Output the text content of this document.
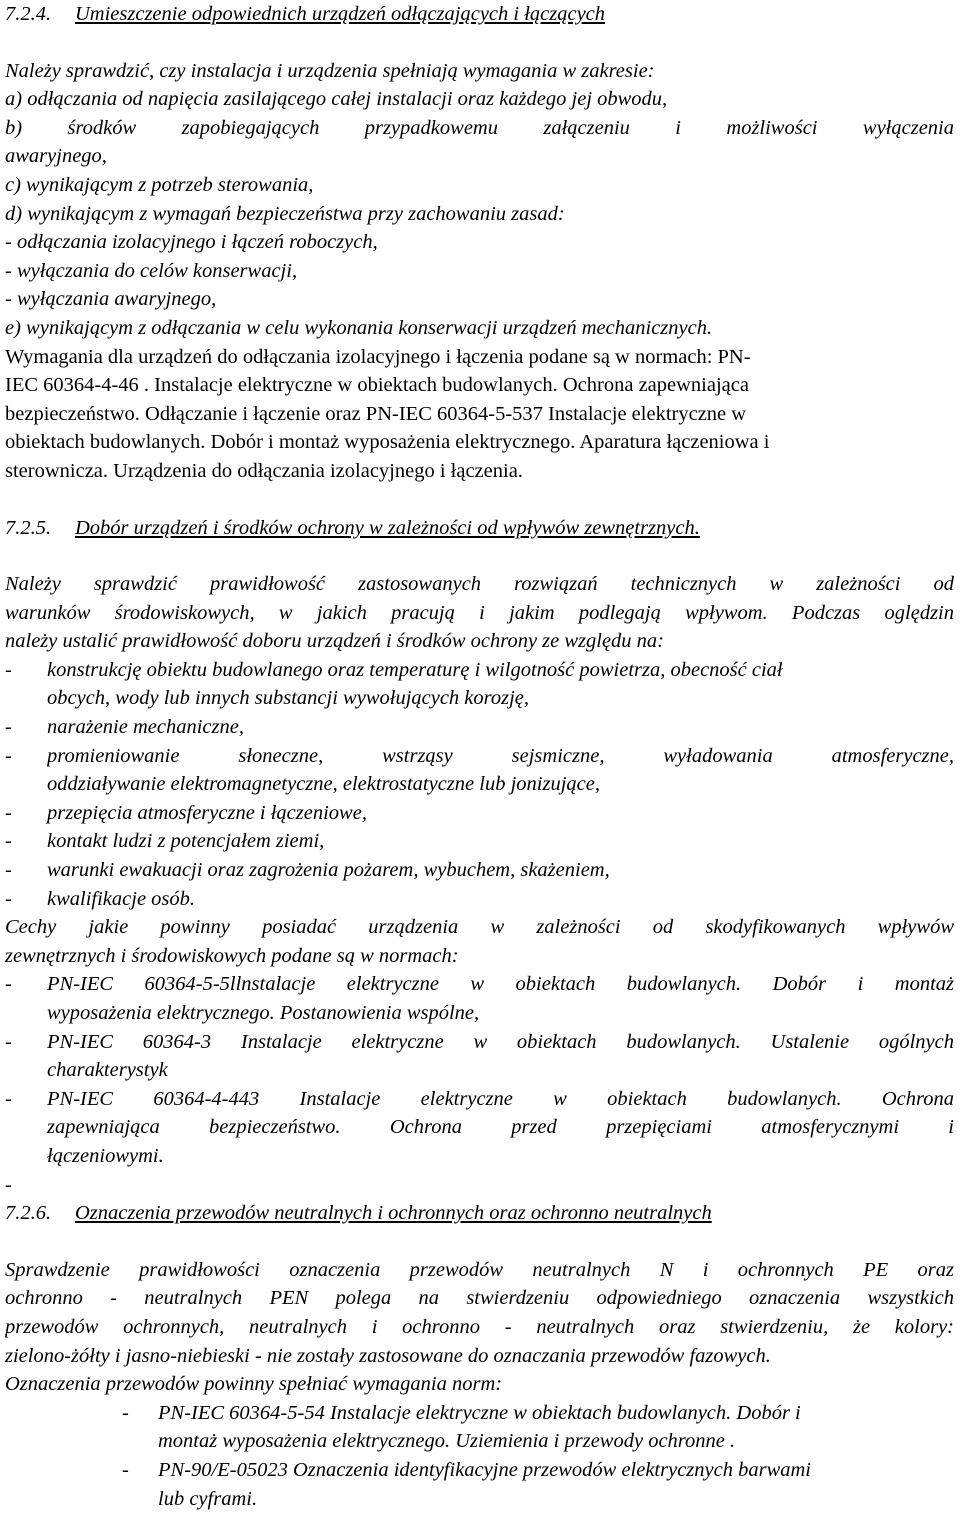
7.2.4. Umieszczenie odpowiednich urządzeń odłączających i łączących
Należy sprawdzić, czy instalacja i urządzenia spełniają wymagania w zakresie:
a) odłączania od napięcia zasilającego całej instalacji oraz każdego jej obwodu,
b) środków zapobiegających przypadkowemu załączeniu i możliwości wyłączenia
awaryjnego,
c) wynikającym z potrzeb sterowania,
d) wynikającym z wymagań bezpieczeństwa przy zachowaniu zasad:
- odłączania izolacyjnego i łączeń roboczych,
- wyłączania do celów konserwacji,
- wyłączania awaryjnego,
e) wynikającym z odłączania w celu wykonania konserwacji urządzeń mechanicznych.
Wymagania dla urządzeń do odłączania izolacyjnego i łączenia podane są w normach: PN-
IEC 60364-4-46 . Instalacje elektryczne w obiektach budowlanych. Ochrona zapewniająca
bezpieczeństwo. Odłączanie i łączenie oraz PN-IEC 60364-5-537 Instalacje elektryczne w
obiektach budowlanych. Dobór i montaż wyposażenia elektrycznego. Aparatura łączeniowa i
sterownicza. Urządzenia do odłączania izolacyjnego i łączenia.
7.2.5. Dobór urządzeń i środków ochrony w zależności od wpływów zewnętrznych.
Należy sprawdzić prawidłowość zastosowanych rozwiązań technicznych w zależności od
warunków środowiskowych, w jakich pracują i jakim podlegają wpływom. Podczas oględzin
należy ustalić prawidłowość doboru urządzeń i środków ochrony ze względu na:
-	konstrukcję obiektu budowlanego oraz temperaturę i wilgotność powietrza, obecność ciał
obcych, wody lub innych substancji wywołujących korozję,
-	narażenie mechaniczne,
-	promieniowanie słoneczne, wstrząsy sejsmiczne, wyładowania atmosferyczne,
oddziaływanie elektromagnetyczne, elektrostatyczne lub jonizujące,
-	przepięcia atmosferyczne i łączeniowe,
-	kontakt ludzi z potencjałem ziemi,
-	warunki ewakuacji oraz zagrożenia pożarem, wybuchem, skażeniem,
-	kwalifikacje osób.
Cechy jakie powinny posiadać urządzenia w zależności od skodyfikowanych wpływów
zewnętrznych i środowiskowych podane są w normach:
-	PN-IEC 60364-5-5llnstalacje elektryczne w obiektach budowlanych. Dobór i montaż
wyposażenia elektrycznego. Postanowienia wspólne,
-	PN-IEC 60364-3 Instalacje elektryczne w obiektach budowlanych. Ustalenie ogólnych
charakterystyk
-	PN-IEC 60364-4-443 Instalacje elektryczne w obiektach budowlanych. Ochrona
zapewniająca bezpieczeństwo. Ochrona przed przepięciami atmosferycznymi i
łączeniowymi.
-
7.2.6. Oznaczenia przewodów neutralnych i ochronnych oraz ochronno neutralnych
Sprawdzenie prawidłowości oznaczenia przewodów neutralnych N i ochronnych PE oraz
ochronno - neutralnych PEN polega na stwierdzeniu odpowiedniego oznaczenia wszystkich
przewodów ochronnych, neutralnych i ochronno - neutralnych oraz stwierdzeniu, że kolory:
zielono-żółty i jasno-niebieski - nie zostały zastosowane do oznaczania przewodów fazowych.
Oznaczenia przewodów powinny spełniać wymagania norm:
-	PN-IEC 60364-5-54 Instalacje elektryczne w obiektach budowlanych. Dobór i
montaż wyposażenia elektrycznego. Uziemienia i przewody ochronne .
-	PN-90/E-05023 Oznaczenia identyfikacyjne przewodów elektrycznych barwami
lub cyframi.
